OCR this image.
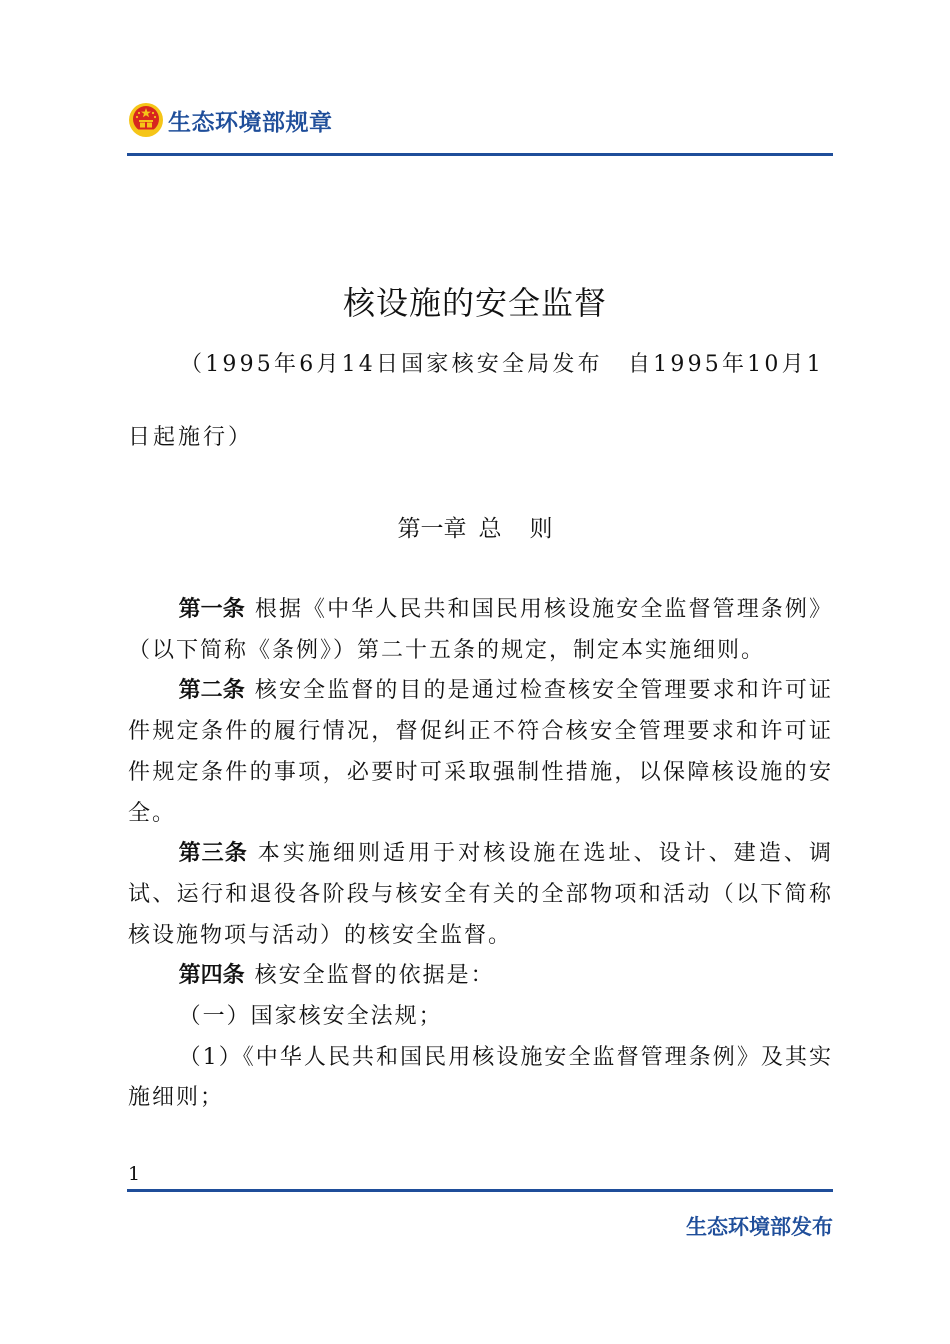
生态环境部规章
核设施的安全监督
（1995年6月14日国家核安全局发布　自1995年10月1
日起施行）
第一章 总 则
第一条 根据《中华人民共和国民用核设施安全监督管理条例》（以下简称《条例》）第二十五条的规定，制定本实施细则。
第二条 核安全监督的目的是通过检查核安全管理要求和许可证件规定条件的履行情况，督促纠正不符合核安全管理要求和许可证件规定条件的事项，必要时可采取强制性措施，以保障核设施的安全。
第三条 本实施细则适用于对核设施在选址、设计、建造、调试、运行和退役各阶段与核安全有关的全部物项和活动（以下简称核设施物项与活动）的核安全监督。
第四条 核安全监督的依据是：
（一）国家核安全法规；
（1）《中华人民共和国民用核设施安全监督管理条例》及其实施细则；
1
生态环境部发布
